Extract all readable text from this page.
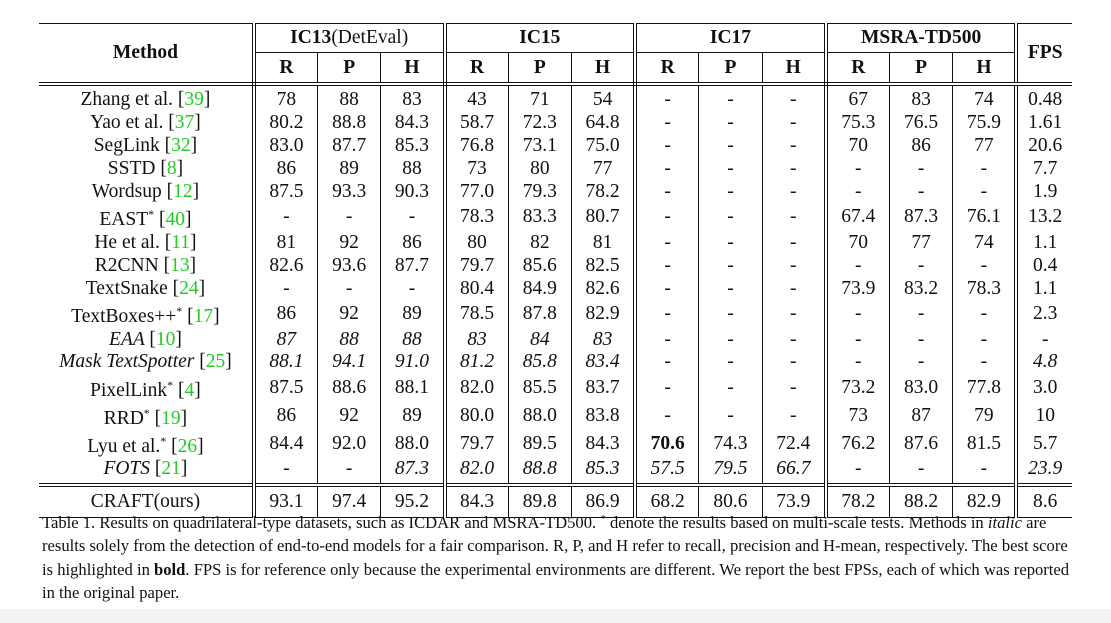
Method	IC13(DetEval)			IC15			IC17			MSRA-TD500			FPS
	R	P	H	R	P	H	R	P	H	R	P	H	
Zhang et al. [39]	78	88	83	43	71	54	-	-	-	67	83	74	0.48
Yao et al. [37]	80.2	88.8	84.3	58.7	72.3	64.8	-	-	-	75.3	76.5	75.9	1.61
SegLink [32]	83.0	87.7	85.3	76.8	73.1	75.0	-	-	-	70	86	77	20.6
SSTD [8]	86	89	88	73	80	77	-	-	-	-	-	-	7.7
Wordsup [12]	87.5	93.3	90.3	77.0	79.3	78.2	-	-	-	-	-	-	1.9
EAST* [40]	-	-	-	78.3	83.3	80.7	-	-	-	67.4	87.3	76.1	13.2
He et al. [11]	81	92	86	80	82	81	-	-	-	70	77	74	1.1
R2CNN [13]	82.6	93.6	87.7	79.7	85.6	82.5	-	-	-	-	-	-	0.4
TextSnake [24]	-	-	-	80.4	84.9	82.6	-	-	-	73.9	83.2	78.3	1.1
TextBoxes++* [17]	86	92	89	78.5	87.8	82.9	-	-	-	-	-	-	2.3
EAA [10]	87	88	88	83	84	83	-	-	-	-	-	-	-
Mask TextSpotter [25]	88.1	94.1	91.0	81.2	85.8	83.4	-	-	-	-	-	-	4.8
PixelLink* [4]	87.5	88.6	88.1	82.0	85.5	83.7	-	-	-	73.2	83.0	77.8	3.0
RRD* [19]	86	92	89	80.0	88.0	83.8	-	-	-	73	87	79	10
Lyu et al.* [26]	84.4	92.0	88.0	79.7	89.5	84.3	70.6	74.3	72.4	76.2	87.6	81.5	5.7
FOTS [21]	-	-	87.3	82.0	88.8	85.3	57.5	79.5	66.7	-	-	-	23.9
CRAFT(ours)	93.1	97.4	95.2	84.3	89.8	86.9	68.2	80.6	73.9	78.2	88.2	82.9	8.6
Table 1. Results on quadrilateral-type datasets, such as ICDAR and MSRA-TD500. * denote the results based on multi-scale tests. Methods in italic are results solely from the detection of end-to-end models for a fair comparison. R, P, and H refer to recall, precision and H-mean, respectively. The best score is highlighted in bold. FPS is for reference only because the experimental environments are different. We report the best FPSs, each of which was reported in the original paper.
